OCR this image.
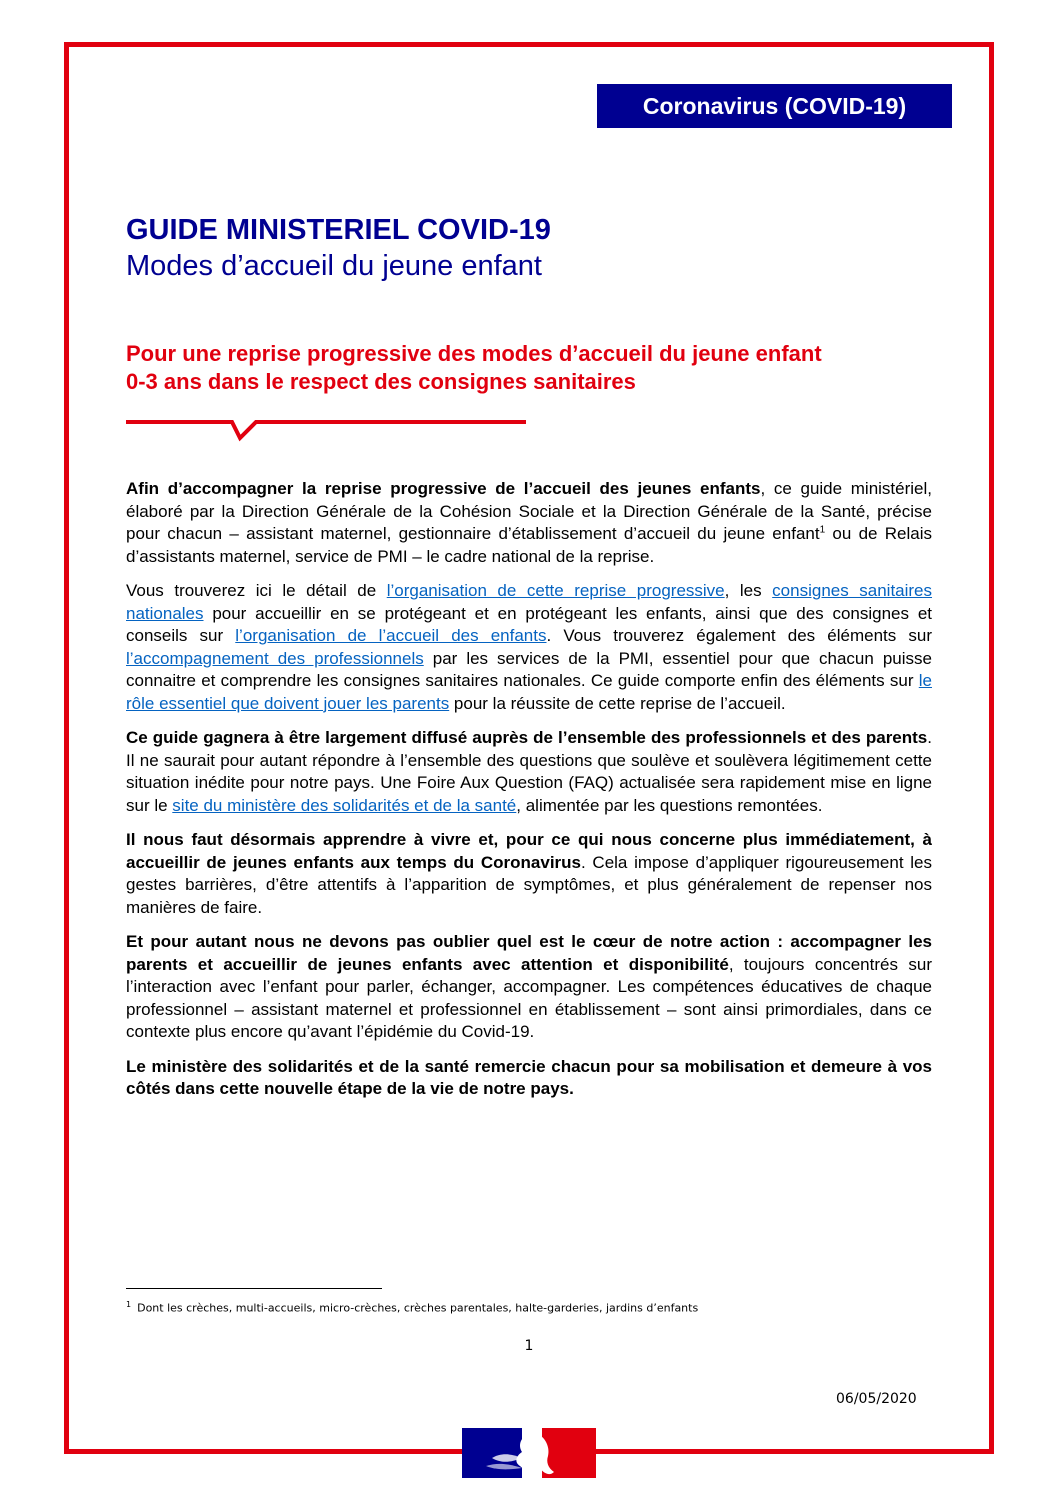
Coronavirus (COVID-19)
GUIDE MINISTERIEL COVID-19
Modes d’accueil du jeune enfant
Pour une reprise progressive des modes d’accueil du jeune enfant
0-3 ans dans le respect des consignes sanitaires

Afin d’accompagner la reprise progressive de l’accueil des jeunes enfants, ce guide ministériel, élaboré par la Direction Générale de la Cohésion Sociale et la Direction Générale de la Santé, précise pour chacun – assistant maternel, gestionnaire d’établissement d’accueil du jeune enfant$^1$ ou de Relais d’assistants maternel, service de PMI – le cadre national de la reprise.

Vous trouverez ici le détail de l’organisation de cette reprise progressive, les consignes sanitaires nationales pour accueillir en se protégeant et en protégeant les enfants, ainsi que des consignes et conseils sur l’organisation de l’accueil des enfants. Vous trouverez également des éléments sur l’accompagnement des professionnels par les services de la PMI, essentiel pour que chacun puisse connaitre et comprendre les consignes sanitaires nationales. Ce guide comporte enfin des éléments sur le rôle essentiel que doivent jouer les parents pour la réussite de cette reprise de l’accueil.

Ce guide gagnera à être largement diffusé auprès de l’ensemble des professionnels et des parents. Il ne saurait pour autant répondre à l’ensemble des questions que soulève et soulèvera légitimement cette situation inédite pour notre pays. Une Foire Aux Question (FAQ) actualisée sera rapidement mise en ligne sur le site du ministère des solidarités et de la santé, alimentée par les questions remontées.

Il nous faut désormais apprendre à vivre et, pour ce qui nous concerne plus immédiatement, à accueillir de jeunes enfants aux temps du Coronavirus. Cela impose d’appliquer rigoureusement les gestes barrières, d’être attentifs à l’apparition de symptômes, et plus généralement de repenser nos manières de faire.

Et pour autant nous ne devons pas oublier quel est le cœur de notre action : accompagner les parents et accueillir de jeunes enfants avec attention et disponibilité, toujours concentrés sur l’interaction avec l’enfant pour parler, échanger, accompagner. Les compétences éducatives de chaque professionnel – assistant maternel et professionnel en établissement – sont ainsi primordiales, dans ce contexte plus encore qu’avant l’épidémie du Covid-19.

Le ministère des solidarités et de la santé remercie chacun pour sa mobilisation et demeure à vos côtés dans cette nouvelle étape de la vie de notre pays.

$^1$ Dont les crèches, multi-accueils, micro-crèches, crèches parentales, halte-garderies, jardins d’enfants
1
06/05/2020
